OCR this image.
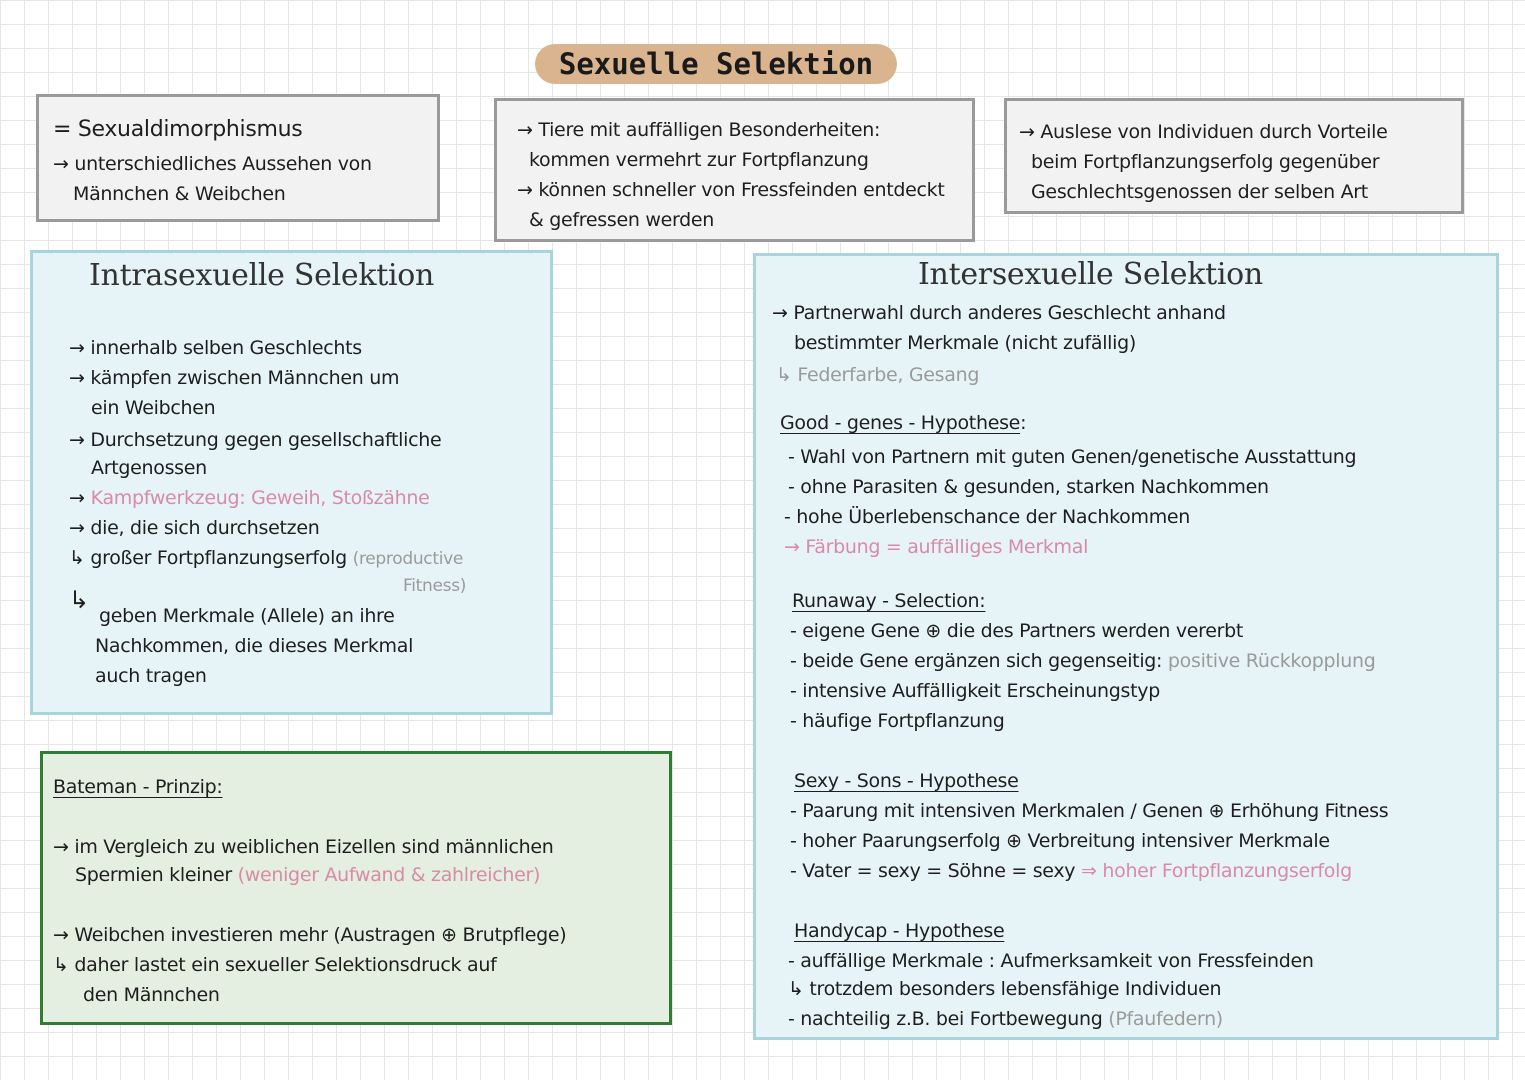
Sexuelle Selektion
= Sexualdimorphismus
→ unterschiedliches Aussehen von
Männchen & Weibchen
→ Tiere mit auffälligen Besonderheiten:
kommen vermehrt zur Fortpflanzung
→ können schneller von Fressfeinden entdeckt
& gefressen werden
→ Auslese von Individuen durch Vorteile
beim Fortpflanzungserfolg gegenüber
Geschlechtsgenossen der selben Art
Intrasexuelle Selektion
→ innerhalb selben Geschlechts
→ kämpfen zwischen Männchen um
ein Weibchen
→ Durchsetzung gegen gesellschaftliche
Artgenossen
→ Kampfwerkzeug: Geweih, Stoßzähne
→ die, die sich durchsetzen
↳ großer Fortpflanzungserfolg (reproductive
Fitness)
↳
geben Merkmale (Allele) an ihre
Nachkommen, die dieses Merkmal
auch tragen
Bateman - Prinzip:
→ im Vergleich zu weiblichen Eizellen sind männlichen
Spermien kleiner (weniger Aufwand & zahlreicher)
→ Weibchen investieren mehr (Austragen ⊕ Brutpflege)
↳ daher lastet ein sexueller Selektionsdruck auf
den Männchen
Intersexuelle Selektion
→ Partnerwahl durch anderes Geschlecht anhand
bestimmter Merkmale (nicht zufällig)
↳ Federfarbe, Gesang
Good - genes - Hypothese:
- Wahl von Partnern mit guten Genen/genetische Ausstattung
- ohne Parasiten & gesunden, starken Nachkommen
- hohe Überlebenschance der Nachkommen
→ Färbung = auffälliges Merkmal
Runaway - Selection:
- eigene Gene ⊕ die des Partners werden vererbt
- beide Gene ergänzen sich gegenseitig: positive Rückkopplung
- intensive Auffälligkeit Erscheinungstyp
- häufige Fortpflanzung
Sexy - Sons - Hypothese
- Paarung mit intensiven Merkmalen / Genen ⊕ Erhöhung Fitness
- hoher Paarungserfolg ⊕ Verbreitung intensiver Merkmale
- Vater = sexy = Söhne = sexy ⇒ hoher Fortpflanzungserfolg
Handycap - Hypothese
- auffällige Merkmale : Aufmerksamkeit von Fressfeinden
↳ trotzdem besonders lebensfähige Individuen
- nachteilig z.B. bei Fortbewegung (Pfaufedern)
